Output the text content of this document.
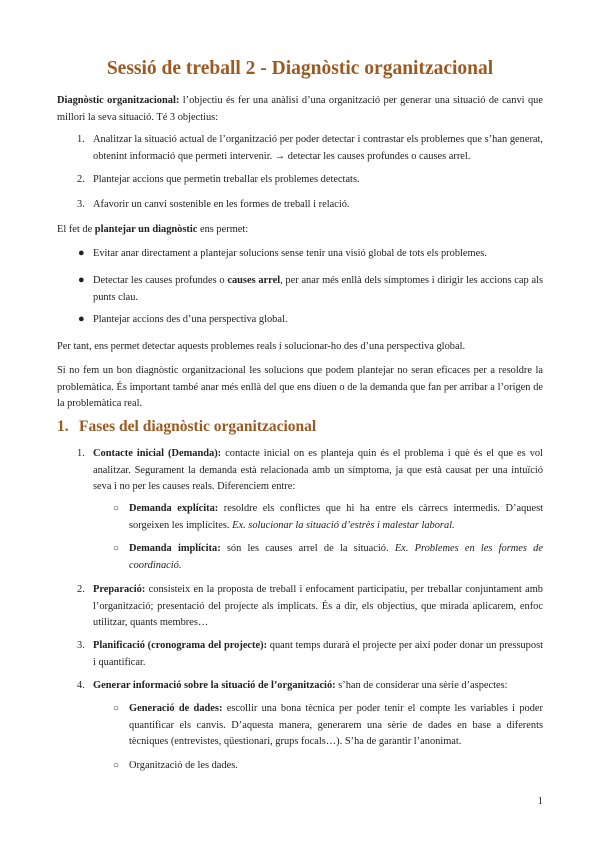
Sessió de treball 2 - Diagnòstic organitzacional

Diagnòstic organitzacional: l’objectiu és fer una anàlisi d’una organització per generar una situació de canvi que millori la seva situació. Té 3 objectius:

1. Analitzar la situació actual de l’organització per poder detectar i contrastar els problemes que s’han generat, obtenint informació que permeti intervenir. → detectar les causes profundes o causes arrel.

2. Plantejar accions que permetin treballar els problemes detectats.

3. Afavorir un canvi sostenible en les formes de treball i relació.

El fet de plantejar un diagnòstic ens permet:

● Evitar anar directament a plantejar solucions sense tenir una visió global de tots els problemes.

● Detectar les causes profundes o causes arrel, per anar més enllà dels símptomes i dirigir les accions cap als punts clau.

● Plantejar accions des d’una perspectiva global.

Per tant, ens permet detectar aquests problemes reals i solucionar-ho des d’una perspectiva global.

Si no fem un bon diagnòstic organitzacional les solucions que podem plantejar no seran eficaces per a resoldre la problemàtica. És important també anar més enllà del que ens diuen o de la demanda que fan per arribar a l’origen de la problemàtica real.

1. Fases del diagnòstic organitzacional
1. Contacte inicial (Demanda): contacte inicial on es planteja quin és el problema i què és el que es vol analitzar. Segurament la demanda està relacionada amb un símptoma, ja que està causat per una intuïció seva i no per les causes reals. Diferenciem entre:

○ Demanda explícita: resoldre els conflictes que hi ha entre els càrrecs intermedis. D’aquest sorgeixen les implícites. Ex. solucionar la situació d’estrès i malestar laboral.

○ Demanda implícita: són les causes arrel de la situació. Ex. Problemes en les formes de coordinació.

2. Preparació: consisteix en la proposta de treball i enfocament participatiu, per treballar conjuntament amb l’organització; presentació del projecte als implicats. És a dir, els objectius, que mirada aplicarem, enfoc utilitzar, quants membres…

3. Planificació (cronograma del projecte): quant temps durarà el projecte per així poder donar un pressupost i quantificar.

4. Generar informació sobre la situació de l’organització: s’han de considerar una sèrie d’aspectes:

○ Generació de dades: escollir una bona tècnica per poder tenir el compte les variables i poder quantificar els canvis. D’aquesta manera, generarem una sèrie de dades en base a diferents tècniques (entrevistes, qüestionari, grups focals…). S’ha de garantir l’anonimat.

○ Organització de les dades.

1
